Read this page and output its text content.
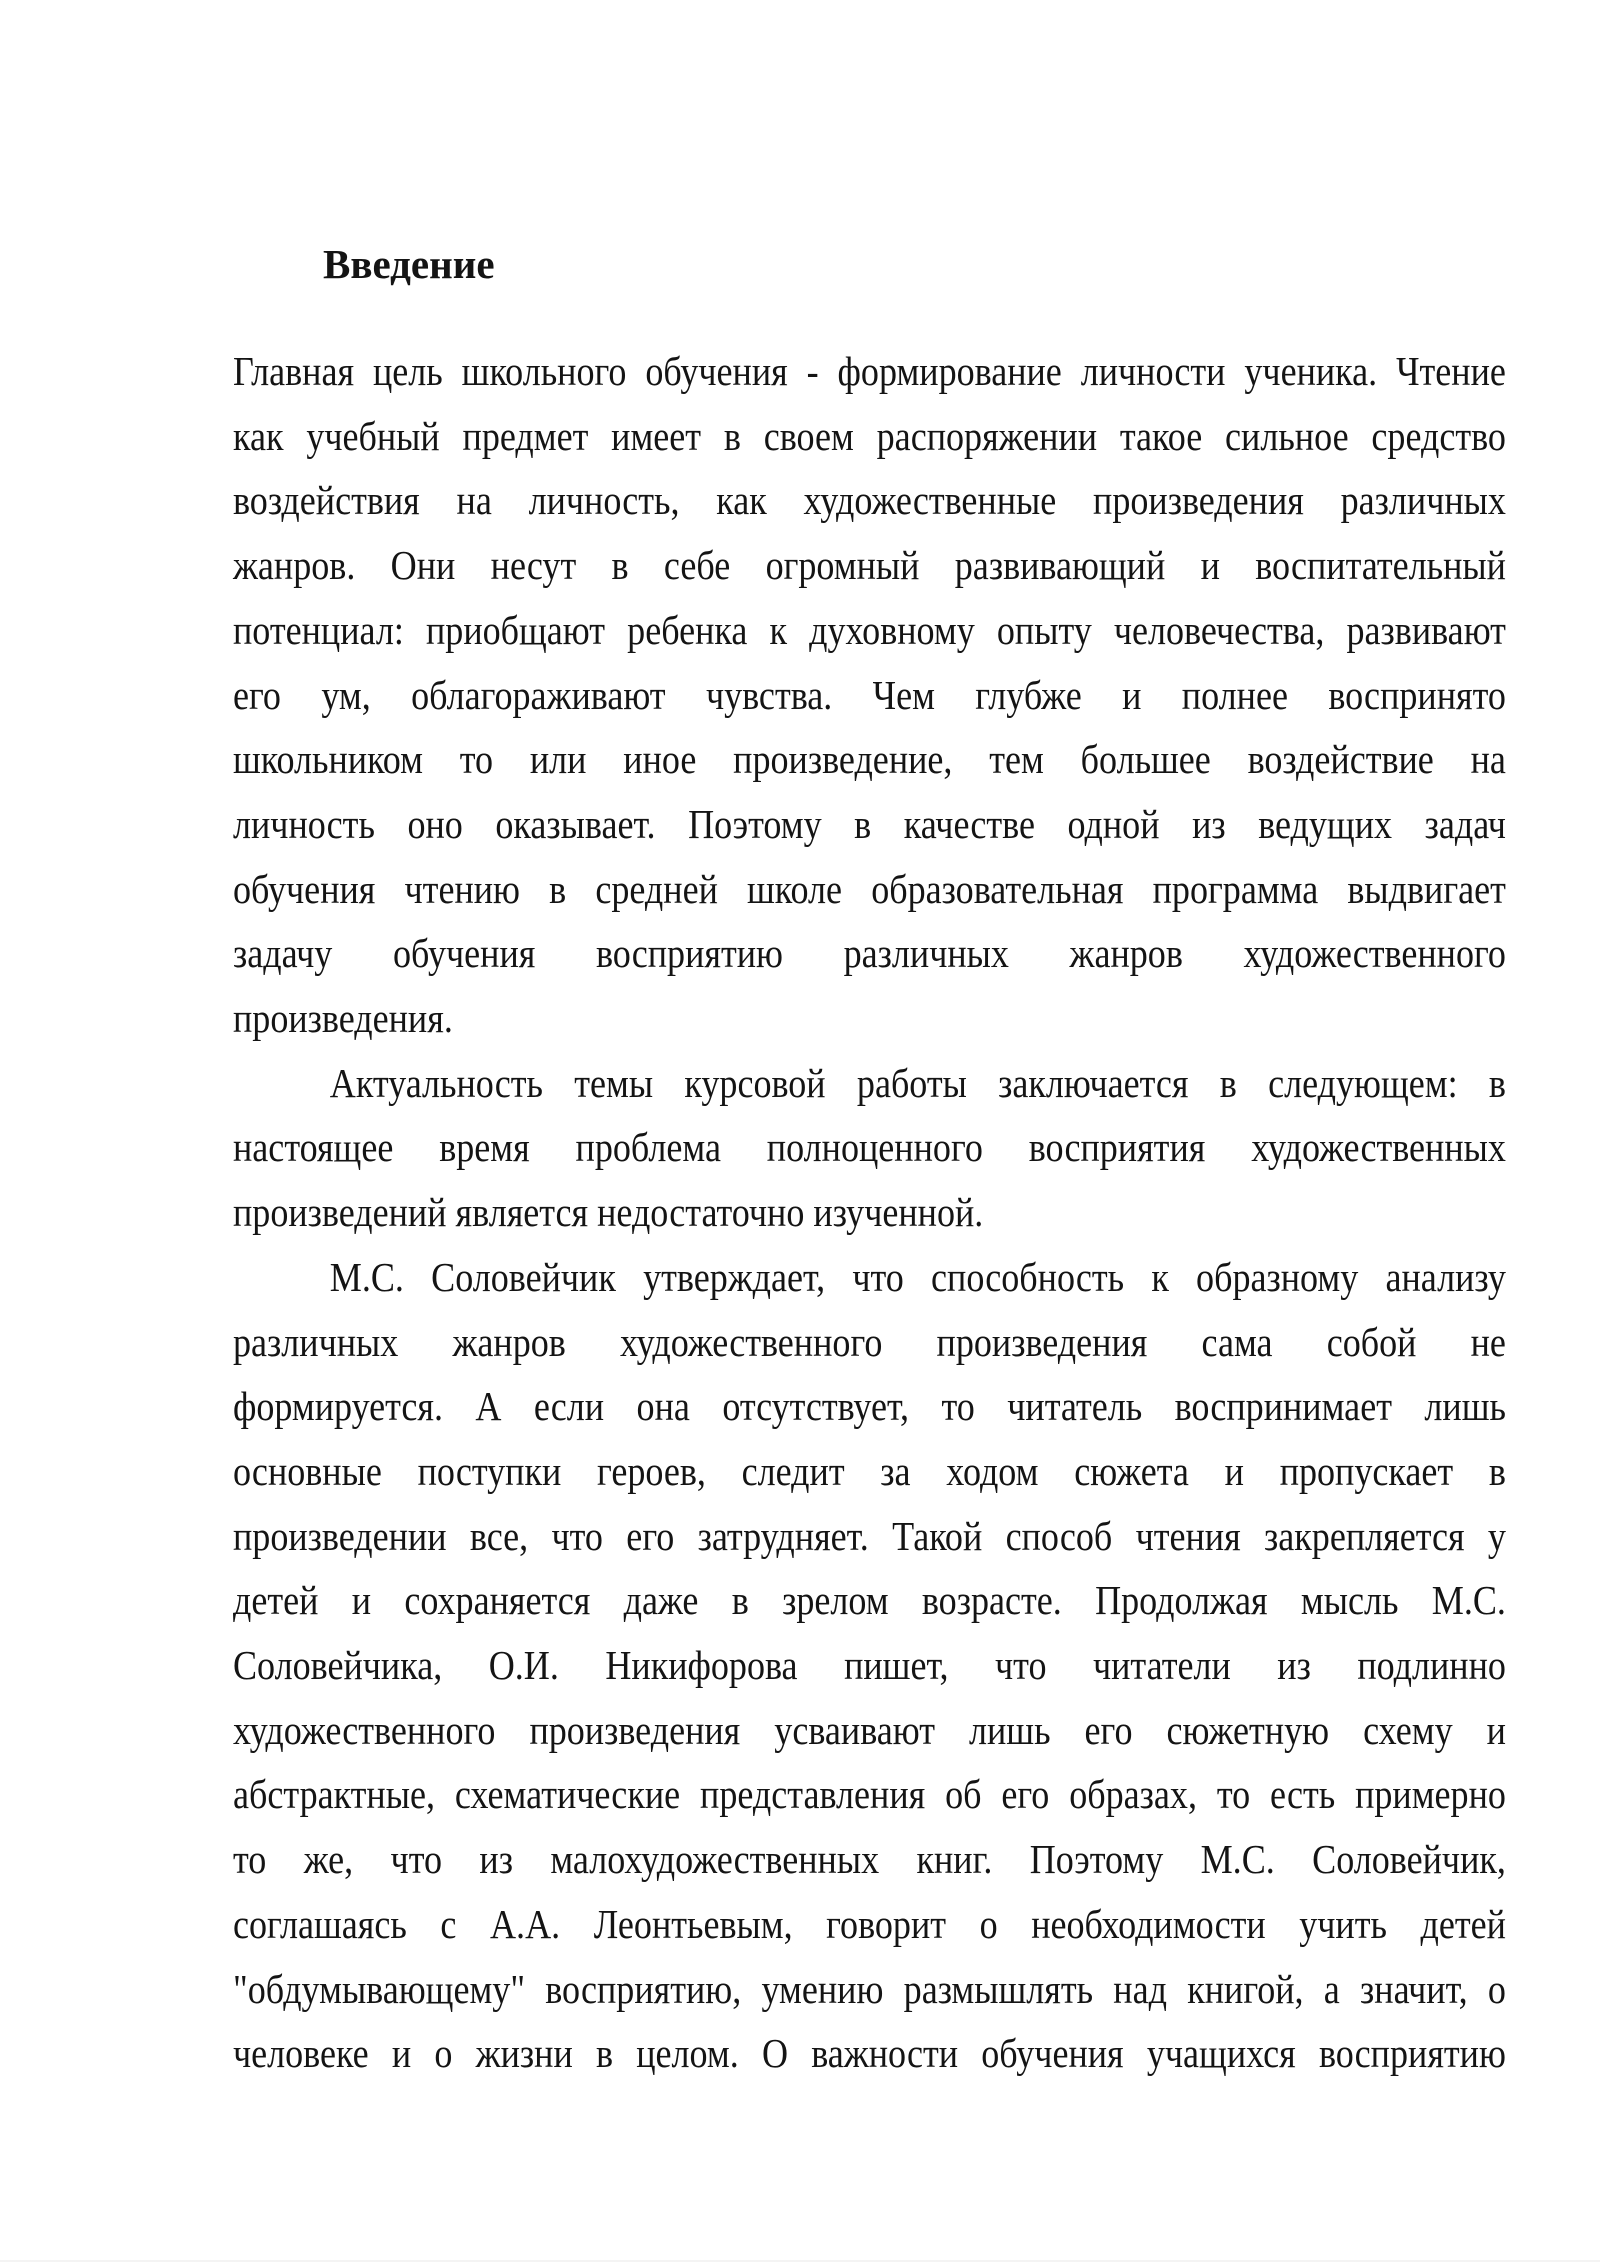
Введение

Главная цель школьного обучения - формирование личности ученика. Чтение
как учебный предмет имеет в своем распоряжении такое сильное средство
воздействия на личность, как художественные произведения различных
жанров. Они несут в себе огромный развивающий и воспитательный
потенциал: приобщают ребенка к духовному опыту человечества, развивают
его ум, облагораживают чувства. Чем глубже и полнее воспринято
школьником то или иное произведение, тем большее воздействие на
личность оно оказывает. Поэтому в качестве одной из ведущих задач
обучения чтению в средней школе образовательная программа выдвигает
задачу обучения восприятию различных жанров художественного
произведения.

Актуальность темы курсовой работы заключается в следующем: в
настоящее время проблема полноценного восприятия художественных
произведений является недостаточно изученной.

М.С. Соловейчик утверждает, что способность к образному анализу
различных жанров художественного произведения сама собой не
формируется. А если она отсутствует, то читатель воспринимает лишь
основные поступки героев, следит за ходом сюжета и пропускает в
произведении все, что его затрудняет. Такой способ чтения закрепляется у
детей и сохраняется даже в зрелом возрасте. Продолжая мысль М.С.
Соловейчика, О.И. Никифорова пишет, что читатели из подлинно
художественного произведения усваивают лишь его сюжетную схему и
абстрактные, схематические представления об его образах, то есть примерно
то же, что из малохудожественных книг. Поэтому М.С. Соловейчик,
соглашаясь с А.А. Леонтьевым, говорит о необходимости учить детей
"обдумывающему" восприятию, умению размышлять над книгой, а значит, о
человеке и о жизни в целом. О важности обучения учащихся восприятию
